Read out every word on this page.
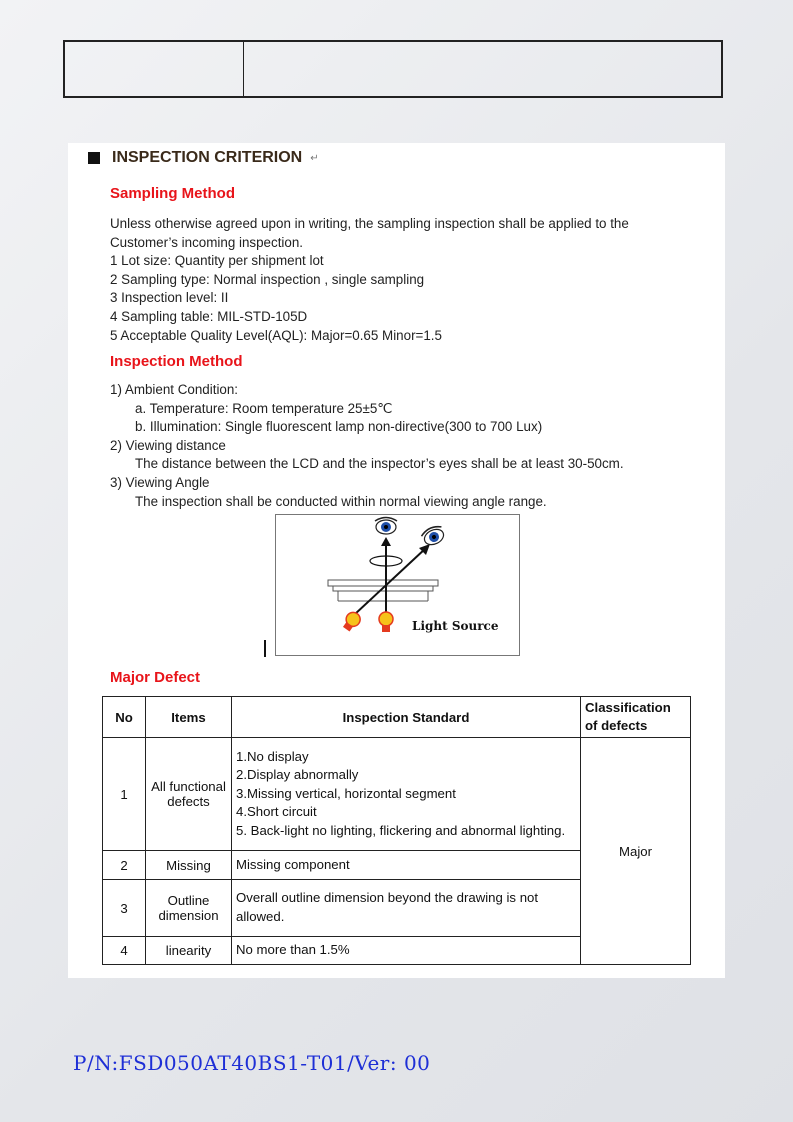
INSPECTION CRITERION ↵
Sampling Method
Unless otherwise agreed upon in writing, the sampling inspection shall be applied to the
Customer’s incoming inspection.
1 Lot size: Quantity per shipment lot
2 Sampling type: Normal inspection , single sampling
3 Inspection level: II
4 Sampling table: MIL-STD-105D
5 Acceptable Quality Level(AQL): Major=0.65 Minor=1.5
Inspection Method
1) Ambient Condition:
a. Temperature: Room temperature 25±5℃
b. Illumination: Single fluorescent lamp non-directive(300 to 700 Lux)
2) Viewing distance
The distance between the LCD and the inspector’s eyes shall be at least 30-50cm.
3) Viewing Angle
The inspection shall be conducted within normal viewing angle range.
Light Source
Major Defect
No	Items	Inspection Standard	Classification of defects
1	All functional defects	1.No display
2.Display abnormally
3.Missing vertical, horizontal segment
4.Short circuit
5. Back-light no lighting, flickering and abnormal lighting.	Major
2	Missing	Missing component	
3	Outline dimension	Overall outline dimension beyond the drawing is not allowed.	
4	linearity	No more than 1.5%	
P/N:FSD050AT40BS1-T01/Ver: 00
